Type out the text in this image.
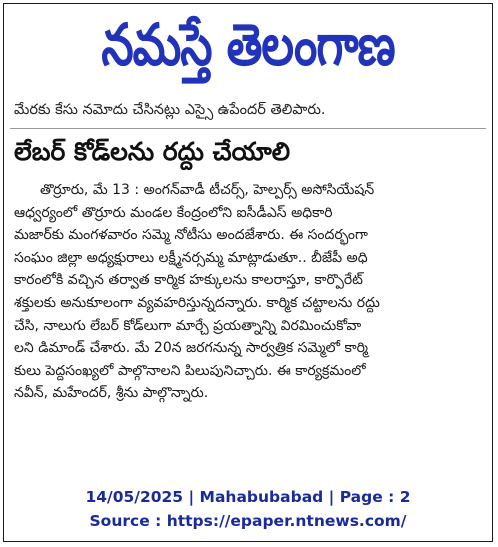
నమస్తే తెలంగాణ
మేరకు కేసు నమోదు చేసినట్లు ఎస్సై ఉపేందర్ తెలిపారు.
లేబర్ కోడ్‌లను రద్దు చేయాలి
తొర్రూరు, మే 13 : అంగన్‌వాడీ టీచర్స్, హెల్పర్స్ అసోసియేషన్
ఆధ్వర్యంలో తొర్రూరు మండల కేంద్రంలోని ఐసీడీఎస్ అధికారి
మజార్‌కు మంగళవారం సమ్మె నోటీసు అందజేశారు. ఈ సందర్భంగా
సంఘం జిల్లా అధ్యక్షురాలు లక్ష్మీనర్సమ్మ మాట్లాడుతూ.. బీజేపీ అధి
కారంలోకి వచ్చిన తర్వాత కార్మిక హక్కులను కాలరాస్తూ, కార్పొరేట్
శక్తులకు అనుకూలంగా వ్యవహరిస్తున్నదన్నారు. కార్మిక చట్టాలను రద్దు
చేసి, నాలుగు లేబర్ కోడ్‌లుగా మార్చే ప్రయత్నాన్ని విరమించుకోవా
లని డిమాండ్ చేశారు. మే 20న జరగనున్న సార్వత్రిక సమ్మెలో కార్మి
కులు పెద్దసంఖ్యలో పాల్గొనాలని పిలుపునిచ్చారు. ఈ కార్యక్రమంలో
నవీన్, మహేందర్, శ్రీను పాల్గొన్నారు.
14/05/2025 | Mahabubabad | Page : 2
Source : https://epaper.ntnews.com/
